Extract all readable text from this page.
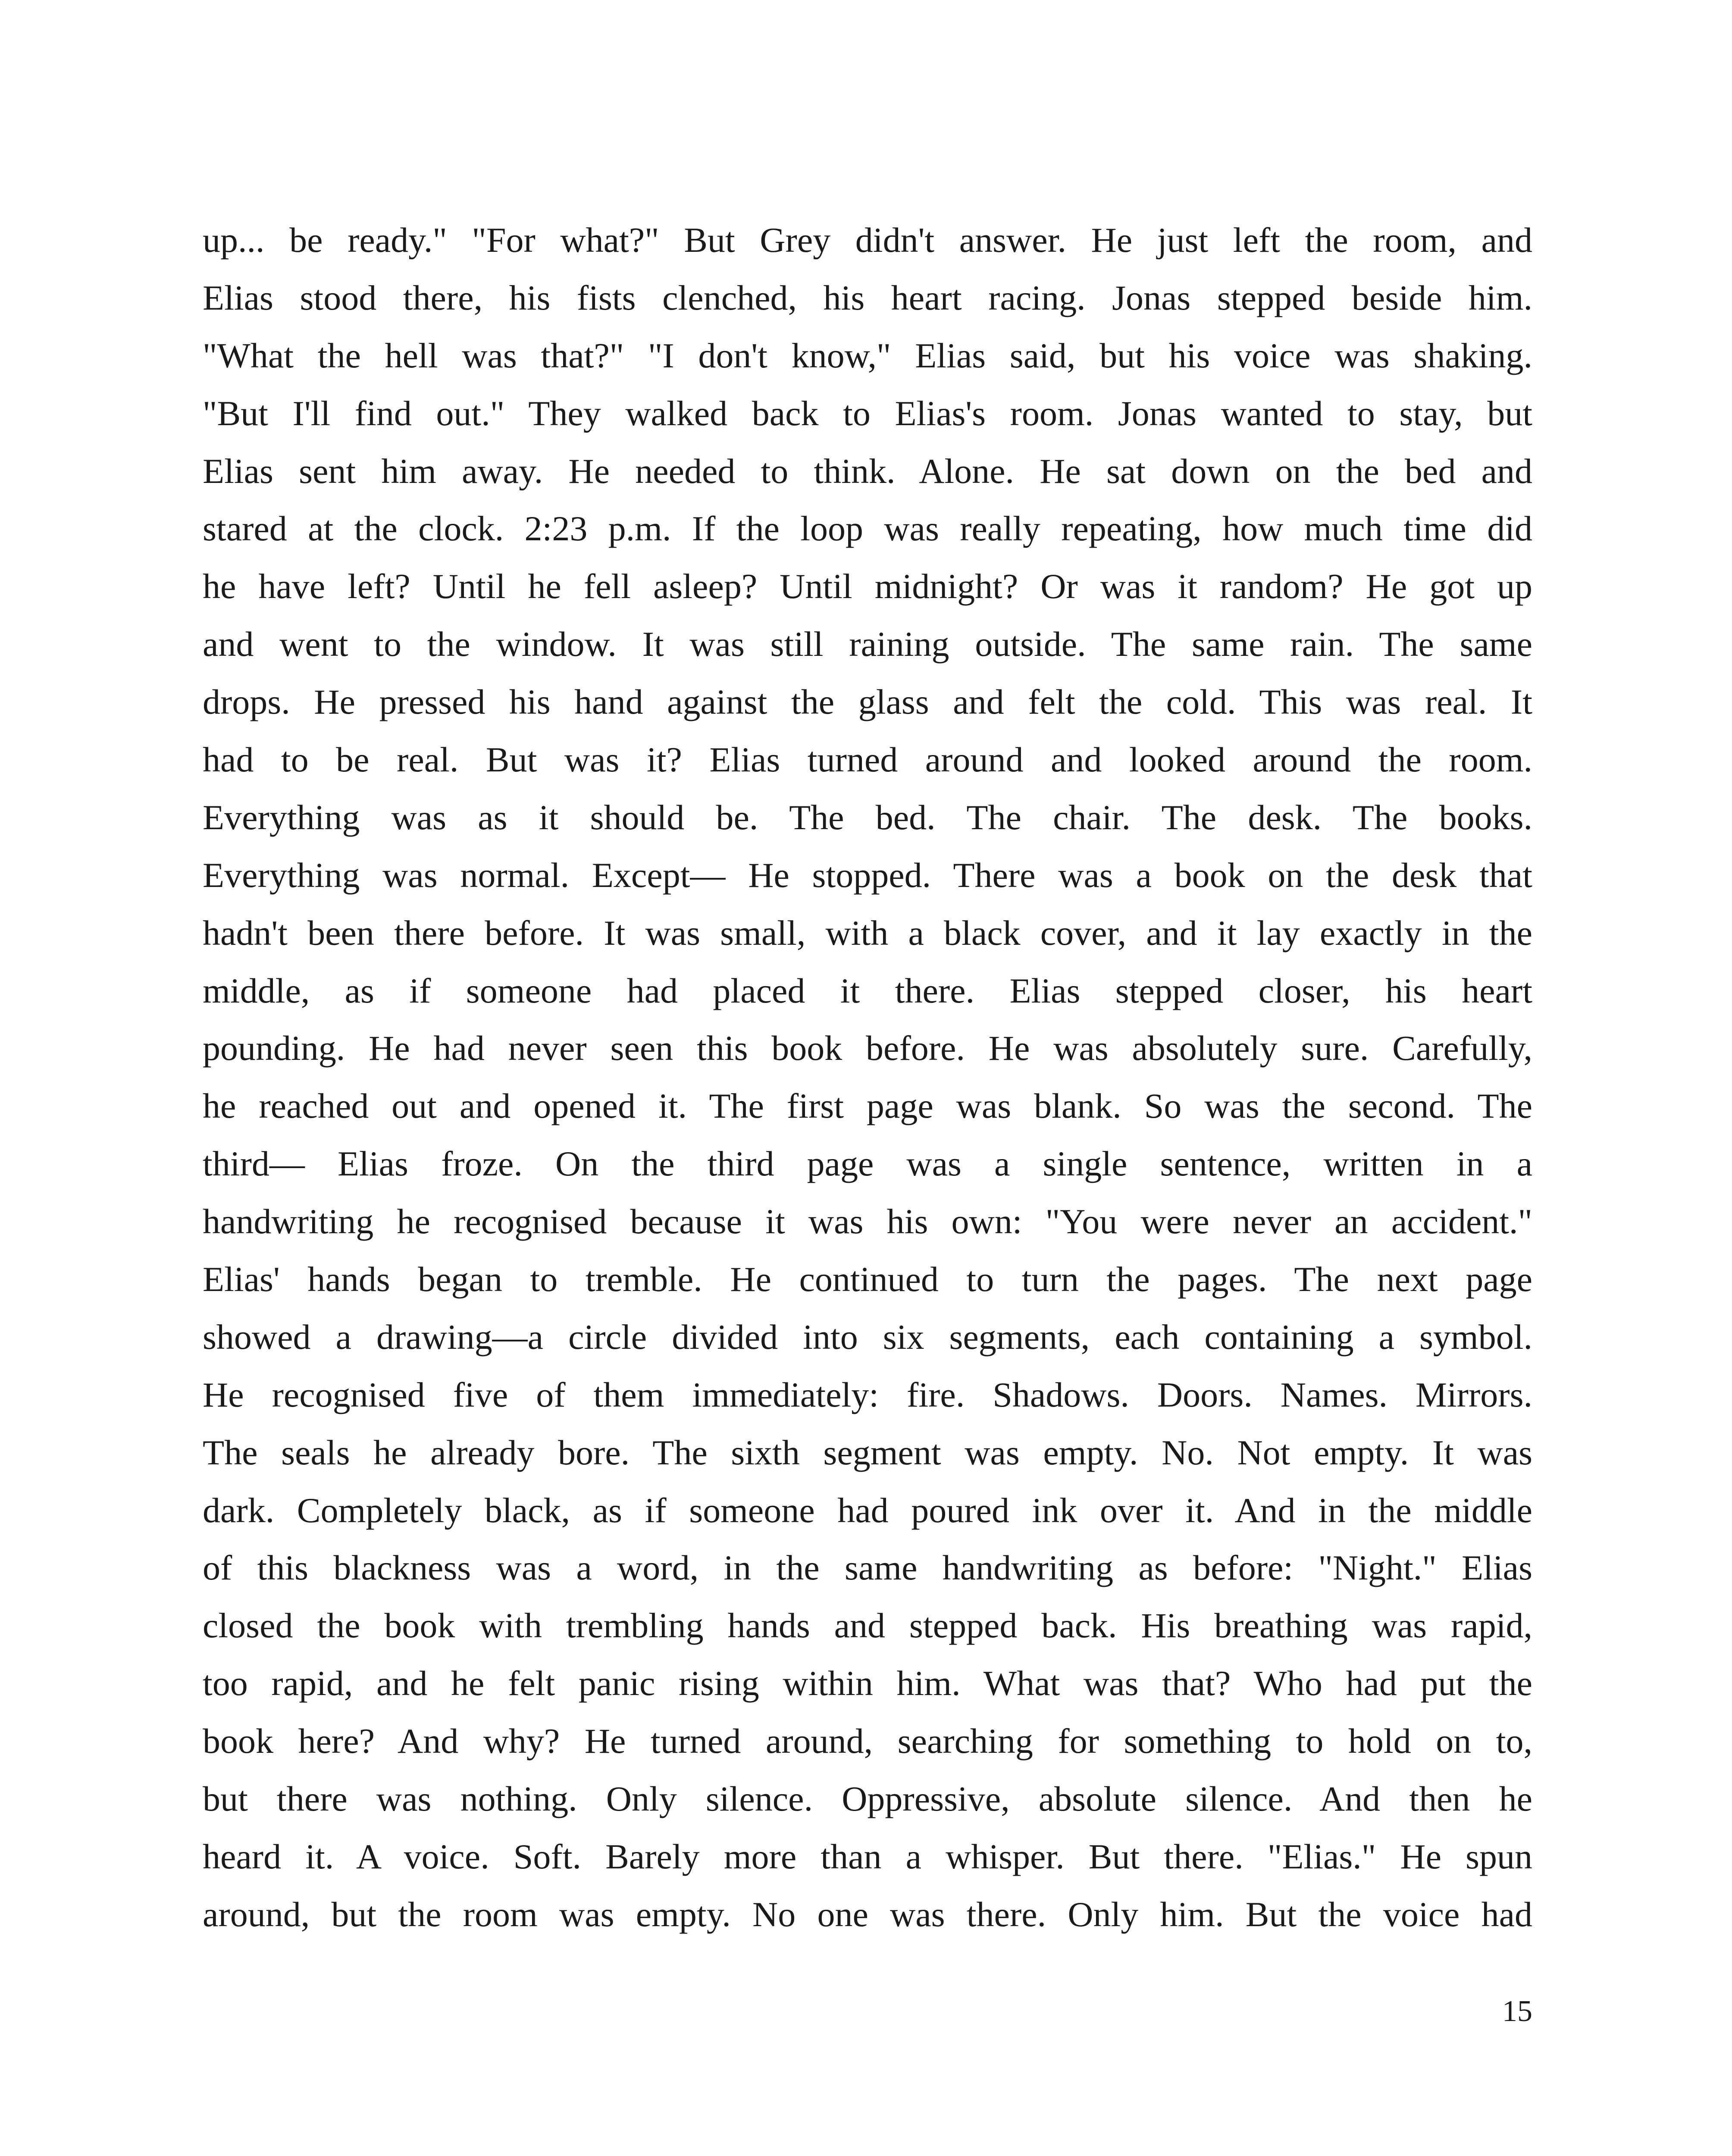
up... be ready." "For what?" But Grey didn't answer. He just left the room, and
Elias stood there, his fists clenched, his heart racing. Jonas stepped beside him.
"What the hell was that?" "I don't know," Elias said, but his voice was shaking.
"But I'll find out." They walked back to Elias's room. Jonas wanted to stay, but
Elias sent him away. He needed to think. Alone. He sat down on the bed and
stared at the clock. 2:23 p.m. If the loop was really repeating, how much time did
he have left? Until he fell asleep? Until midnight? Or was it random? He got up
and went to the window. It was still raining outside. The same rain. The same
drops. He pressed his hand against the glass and felt the cold. This was real. It
had to be real. But was it? Elias turned around and looked around the room.
Everything was as it should be. The bed. The chair. The desk. The books.
Everything was normal. Except— He stopped. There was a book on the desk that
hadn't been there before. It was small, with a black cover, and it lay exactly in the
middle, as if someone had placed it there. Elias stepped closer, his heart
pounding. He had never seen this book before. He was absolutely sure. Carefully,
he reached out and opened it. The first page was blank. So was the second. The
third— Elias froze. On the third page was a single sentence, written in a
handwriting he recognised because it was his own: "You were never an accident."
Elias' hands began to tremble. He continued to turn the pages. The next page
showed a drawing—a circle divided into six segments, each containing a symbol.
He recognised five of them immediately: fire. Shadows. Doors. Names. Mirrors.
The seals he already bore. The sixth segment was empty. No. Not empty. It was
dark. Completely black, as if someone had poured ink over it. And in the middle
of this blackness was a word, in the same handwriting as before: "Night." Elias
closed the book with trembling hands and stepped back. His breathing was rapid,
too rapid, and he felt panic rising within him. What was that? Who had put the
book here? And why? He turned around, searching for something to hold on to,
but there was nothing. Only silence. Oppressive, absolute silence. And then he
heard it. A voice. Soft. Barely more than a whisper. But there. "Elias." He spun
around, but the room was empty. No one was there. Only him. But the voice had
15
